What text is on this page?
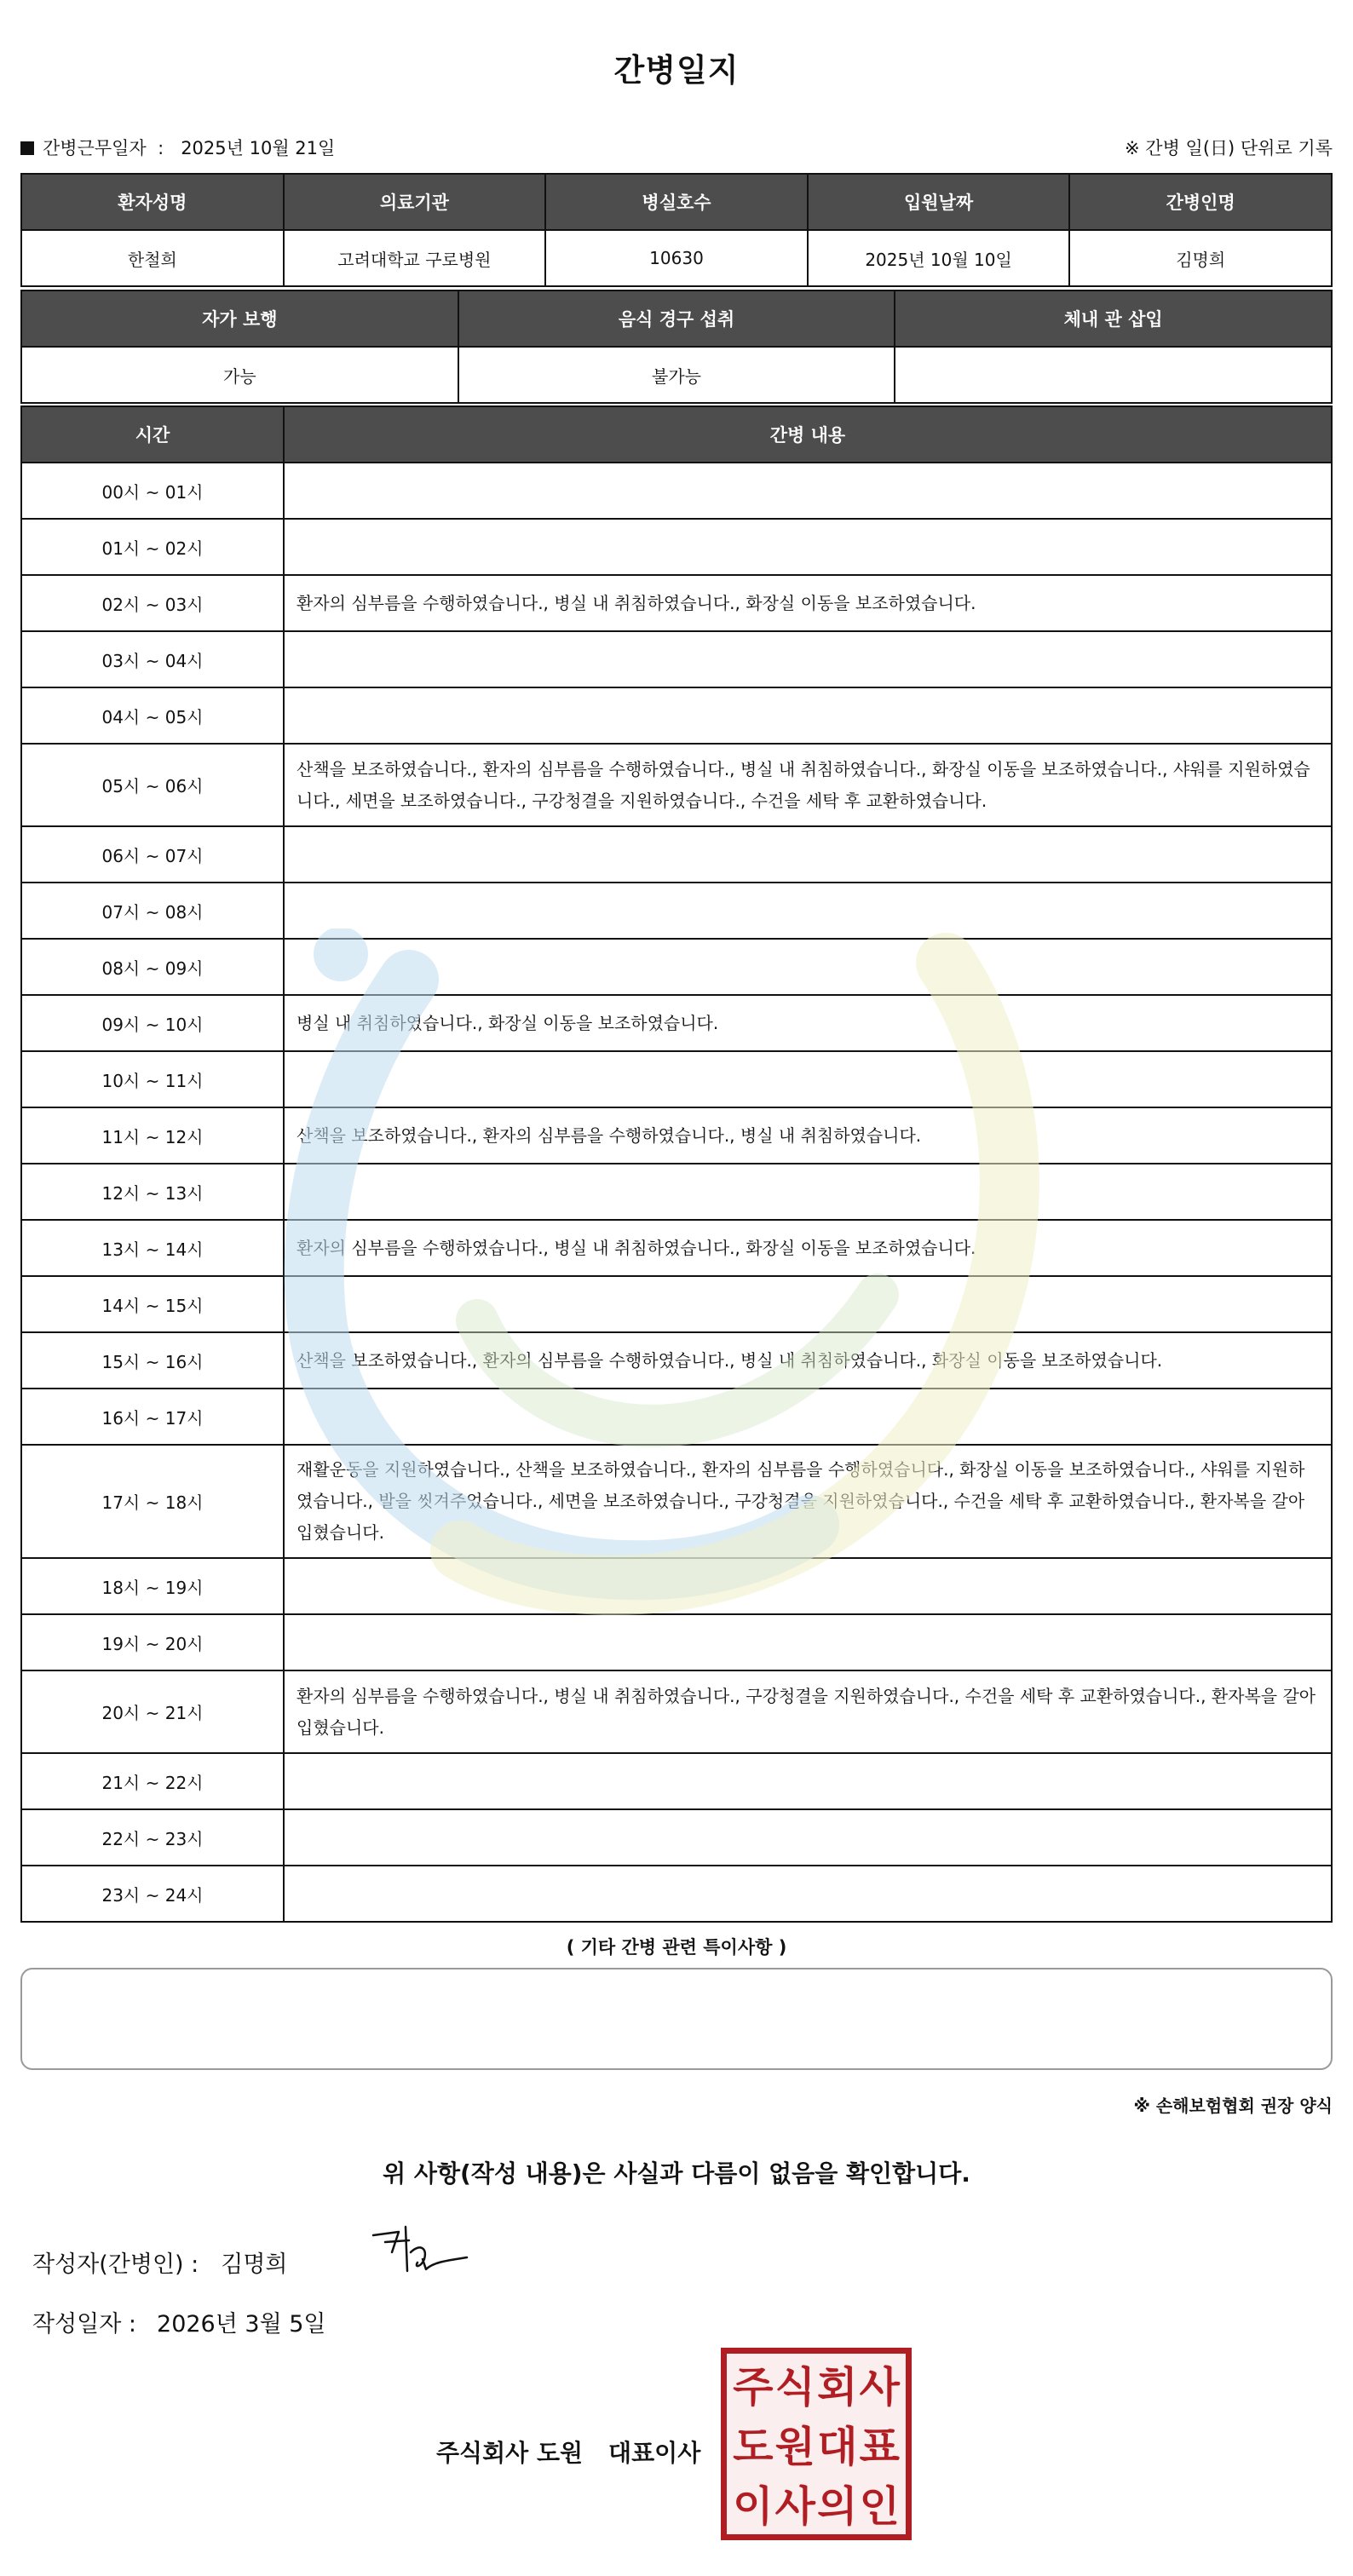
간병일지
간병근무일자 : 2025년 10월 21일	※ 간병 일(日) 단위로 기록
환자성명	의료기관	병실호수	입원날짜	간병인명
한철희	고려대학교 구로병원	10630	2025년 10월 10일	김명희
자가 보행	음식 경구 섭취	체내 관 삽입
가능	불가능	
시간	간병 내용
00시 ~ 01시	
01시 ~ 02시	
02시 ~ 03시	환자의 심부름을 수행하였습니다., 병실 내 취침하였습니다., 화장실 이동을 보조하였습니다.
03시 ~ 04시	
04시 ~ 05시	
05시 ~ 06시	산책을 보조하였습니다., 환자의 심부름을 수행하였습니다., 병실 내 취침하였습니다., 화장실 이동을 보조하였습니다., 샤워를 지원하였습니다., 세면을 보조하였습니다., 구강청결을 지원하였습니다., 수건을 세탁 후 교환하였습니다.
06시 ~ 07시	
07시 ~ 08시	
08시 ~ 09시	
09시 ~ 10시	병실 내 취침하였습니다., 화장실 이동을 보조하였습니다.
10시 ~ 11시	
11시 ~ 12시	산책을 보조하였습니다., 환자의 심부름을 수행하였습니다., 병실 내 취침하였습니다.
12시 ~ 13시	
13시 ~ 14시	환자의 심부름을 수행하였습니다., 병실 내 취침하였습니다., 화장실 이동을 보조하였습니다.
14시 ~ 15시	
15시 ~ 16시	산책을 보조하였습니다., 환자의 심부름을 수행하였습니다., 병실 내 취침하였습니다., 화장실 이동을 보조하였습니다.
16시 ~ 17시	
17시 ~ 18시	재활운동을 지원하였습니다., 산책을 보조하였습니다., 환자의 심부름을 수행하였습니다., 화장실 이동을 보조하였습니다., 샤워를 지원하였습니다., 발을 씻겨주었습니다., 세면을 보조하였습니다., 구강청결을 지원하였습니다., 수건을 세탁 후 교환하였습니다., 환자복을 갈아입혔습니다.
18시 ~ 19시	
19시 ~ 20시	
20시 ~ 21시	환자의 심부름을 수행하였습니다., 병실 내 취침하였습니다., 구강청결을 지원하였습니다., 수건을 세탁 후 교환하였습니다., 환자복을 갈아입혔습니다.
21시 ~ 22시	
22시 ~ 23시	
23시 ~ 24시	
( 기타 간병 관련 특이사항 )
※ 손해보험협회 권장 양식
위 사항(작성 내용)은 사실과 다름이 없음을 확인합니다.
작성자(간병인) : 김명희
작성일자 : 2026년 3월 5일
주식회사 도원 대표이사
주 식 회 사
도 원 대 표
이 사 의 인
